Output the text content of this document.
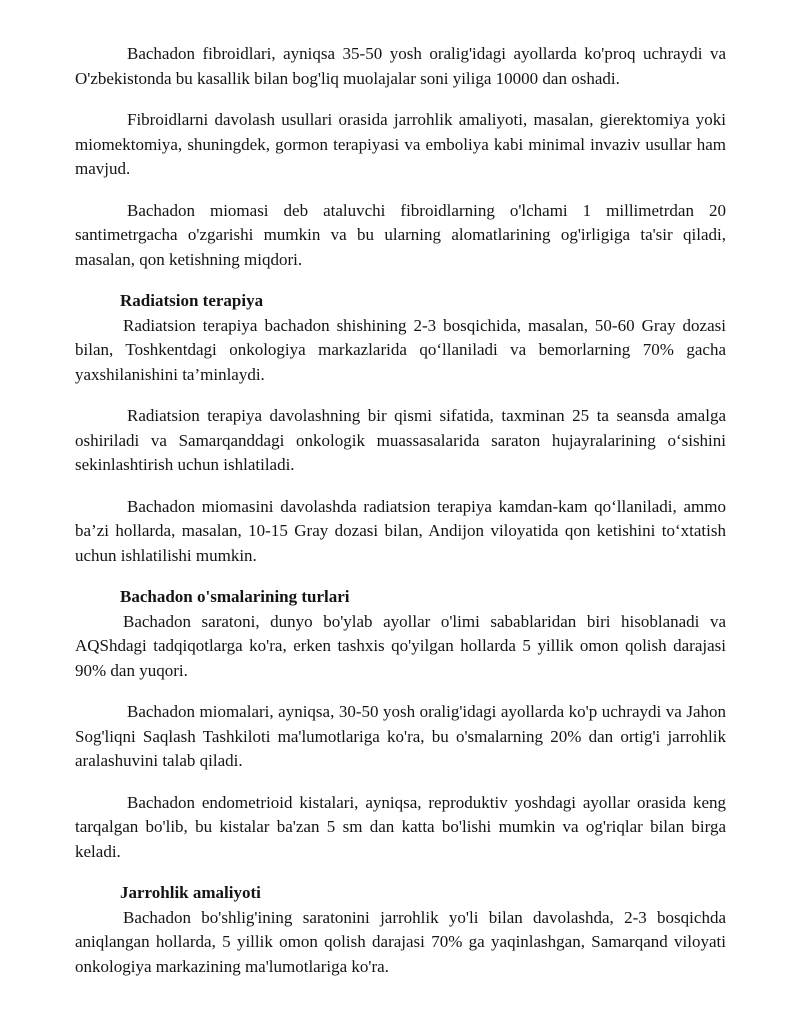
Bachadon fibroidlari, ayniqsa 35-50 yosh oralig'idagi ayollarda ko'proq uchraydi va O'zbekistonda bu kasallik bilan bog'liq muolajalar soni yiliga 10000 dan oshadi.

Fibroidlarni davolash usullari orasida jarrohlik amaliyoti, masalan, gierektomiya yoki miomektomiya, shuningdek, gormon terapiyasi va emboliya kabi minimal invaziv usullar ham mavjud.

Bachadon miomasi deb ataluvchi fibroidlarning o'lchami 1 millimetrdan 20 santimetrgacha o'zgarishi mumkin va bu ularning alomatlarining og'irligiga ta'sir qiladi, masalan, qon ketishning miqdori.

Radiatsion terapiya

Radiatsion terapiya bachadon shishining 2-3 bosqichida, masalan, 50-60 Gray dozasi bilan, Toshkentdagi onkologiya markazlarida qo‘llaniladi va bemorlarning 70% gacha yaxshilanishini ta’minlaydi.

Radiatsion terapiya davolashning bir qismi sifatida, taxminan 25 ta seansda amalga oshiriladi va Samarqanddagi onkologik muassasalarida saraton hujayralarining o‘sishini sekinlashtirish uchun ishlatiladi.

Bachadon miomasini davolashda radiatsion terapiya kamdan-kam qo‘llaniladi, ammo ba’zi hollarda, masalan, 10-15 Gray dozasi bilan, Andijon viloyatida qon ketishini to‘xtatish uchun ishlatilishi mumkin.

Bachadon o'smalarining turlari

Bachadon saratoni, dunyo bo'ylab ayollar o'limi sabablaridan biri hisoblanadi va AQShdagi tadqiqotlarga ko'ra, erken tashxis qo'yilgan hollarda 5 yillik omon qolish darajasi 90% dan yuqori.

Bachadon miomalari, ayniqsa, 30-50 yosh oralig'idagi ayollarda ko'p uchraydi va Jahon Sog'liqni Saqlash Tashkiloti ma'lumotlariga ko'ra, bu o'smalarning 20% dan ortig'i jarrohlik aralashuvini talab qiladi.

Bachadon endometrioid kistalari, ayniqsa, reproduktiv yoshdagi ayollar orasida keng tarqalgan bo'lib, bu kistalar ba'zan 5 sm dan katta bo'lishi mumkin va og'riqlar bilan birga keladi.

Jarrohlik amaliyoti

Bachadon bo'shlig'ining saratonini jarrohlik yo'li bilan davolashda, 2-3 bosqichda aniqlangan hollarda, 5 yillik omon qolish darajasi 70% ga yaqinlashgan, Samarqand viloyati onkologiya markazining ma'lumotlariga ko'ra.
